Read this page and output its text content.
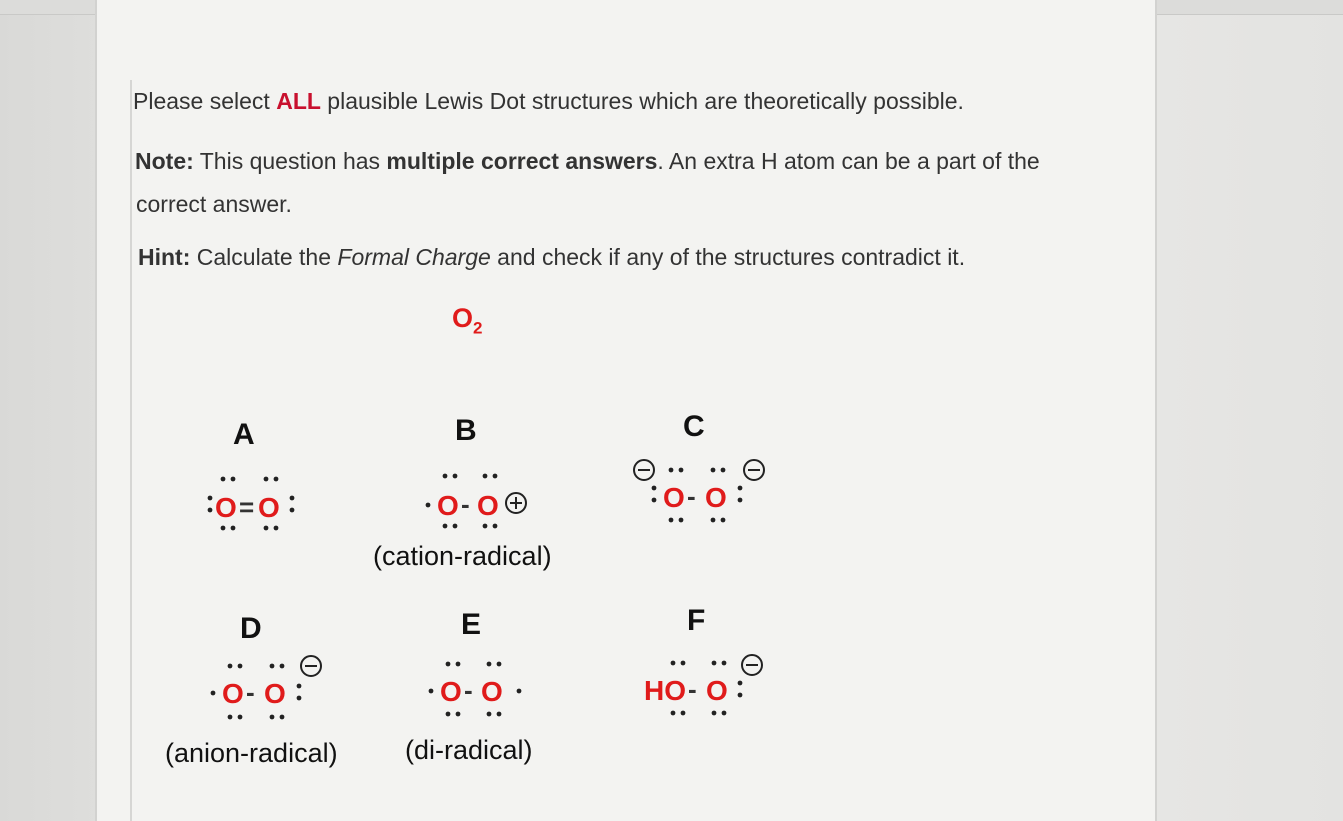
Please select ALL plausible Lewis Dot structures which are theoretically possible.
Note: This question has multiple correct answers. An extra H atom can be a part of the
correct answer.
Hint: Calculate the Formal Charge and check if any of the structures contradict it.
$O_2$
A	B	C
D	E	F
O = O	O - O
(cation-radical)
O - O
O - O
(anion-radical)
O - O
(di-radical)
HO - O
